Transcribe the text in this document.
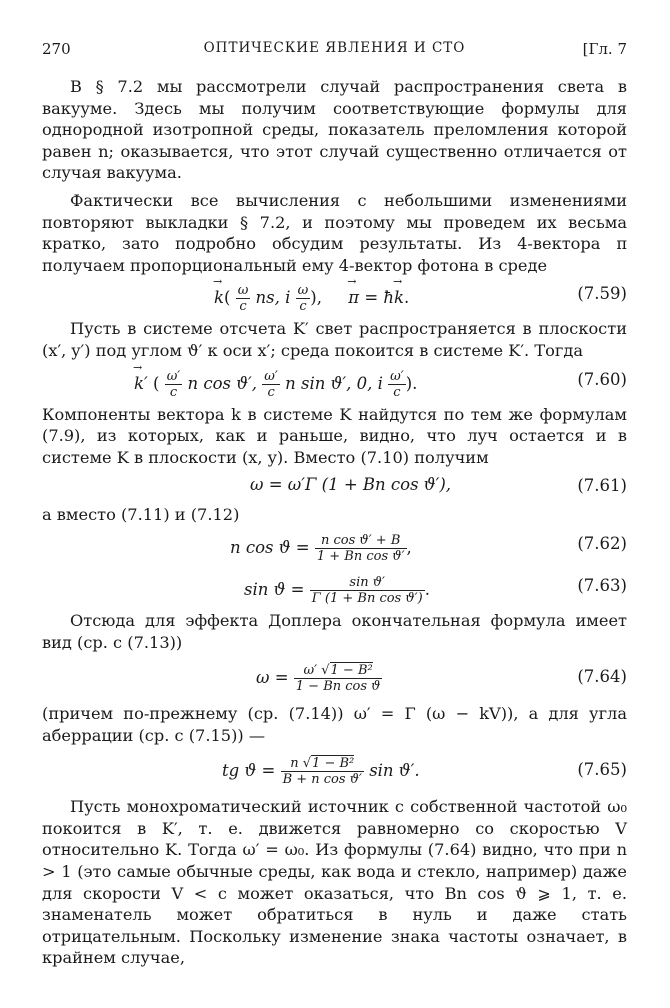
270	ОПТИЧЕСКИЕ ЯВЛЕНИЯ И СТО	[Гл. 7

В § 7.2 мы рассмотрели случай распространения света в вакууме. Здесь мы получим соответствующие формулы для однородной изотропной среды, показатель преломления которой равен n; оказывается, что этот случай существенно отличается от случая вакуума.

Фактически все вычисления с небольшими изменениями повторяют выкладки § 7.2, и поэтому мы проведем их весьма кратко, зато подробно обсудим результаты. Из 4-вектора π получаем пропорциональный ему 4-вектор фотона в среде

→ $k( \frac{\omega}{c}$ ns, i $\frac{\omega}{c}$ ),     → π = ħ→ k.	(7.59)

Пусть в системе отсчета K′ свет распространяется в плоскости (x′, y′) под углом ϑ′ к оси x′; среда покоится в системе K′. Тогда

→ k′ ( $\frac{\omega'}{c}$ n cos ϑ′, $\frac{\omega'}{c}$ n sin ϑ′, 0, i $\frac{\omega'}{c}$ ).	(7.60)

Компоненты вектора k в системе K найдутся по тем же формулам (7.9), из которых, как и раньше, видно, что луч остается и в системе K в плоскости (x, y). Вместо (7.10) получим

ω = ω′Γ (1 + Bn cos ϑ′),	(7.61)

а вместо (7.11) и (7.12)

n $\cos ϑ = \frac{\text{n cos ϑ′ + B}}{\text{1 + Bn cos ϑ′}}$ ,	(7.62)
$\sin ϑ = \frac{\text{sin ϑ′}}{\text{Γ (1 + Bn cos ϑ′)}}$ .	(7.63)

Отсюда для эффекта Доплера окончательная формула имеет вид (ср. с (7.13))

$\omega = \frac{\text{ω′ √1 − B²}}{\text{1 − Bn cos ϑ}}$	(7.64)

(причем по-прежнему (ср. (7.14)) ω′ = Γ (ω − kV)), а для угла аберрации (ср. с (7.15)) —

tg $ϑ = \frac{\text{n √1 − B²}}{\text{B + n cos ϑ′}}$ sin ϑ′.	(7.65)

Пусть монохроматический источник с собственной частотой ω₀ покоится в K′, т. е. движется равномерно со скоростью V относительно K. Тогда ω′ = ω₀. Из формулы (7.64) видно, что при n > 1 (это самые обычные среды, как вода и стекло, например) даже для скорости V < c может оказаться, что Bn cos ϑ ⩾ 1, т. е. знаменатель может обратиться в нуль и даже стать отрицательным. Поскольку изменение знака частоты означает, в крайнем случае,
